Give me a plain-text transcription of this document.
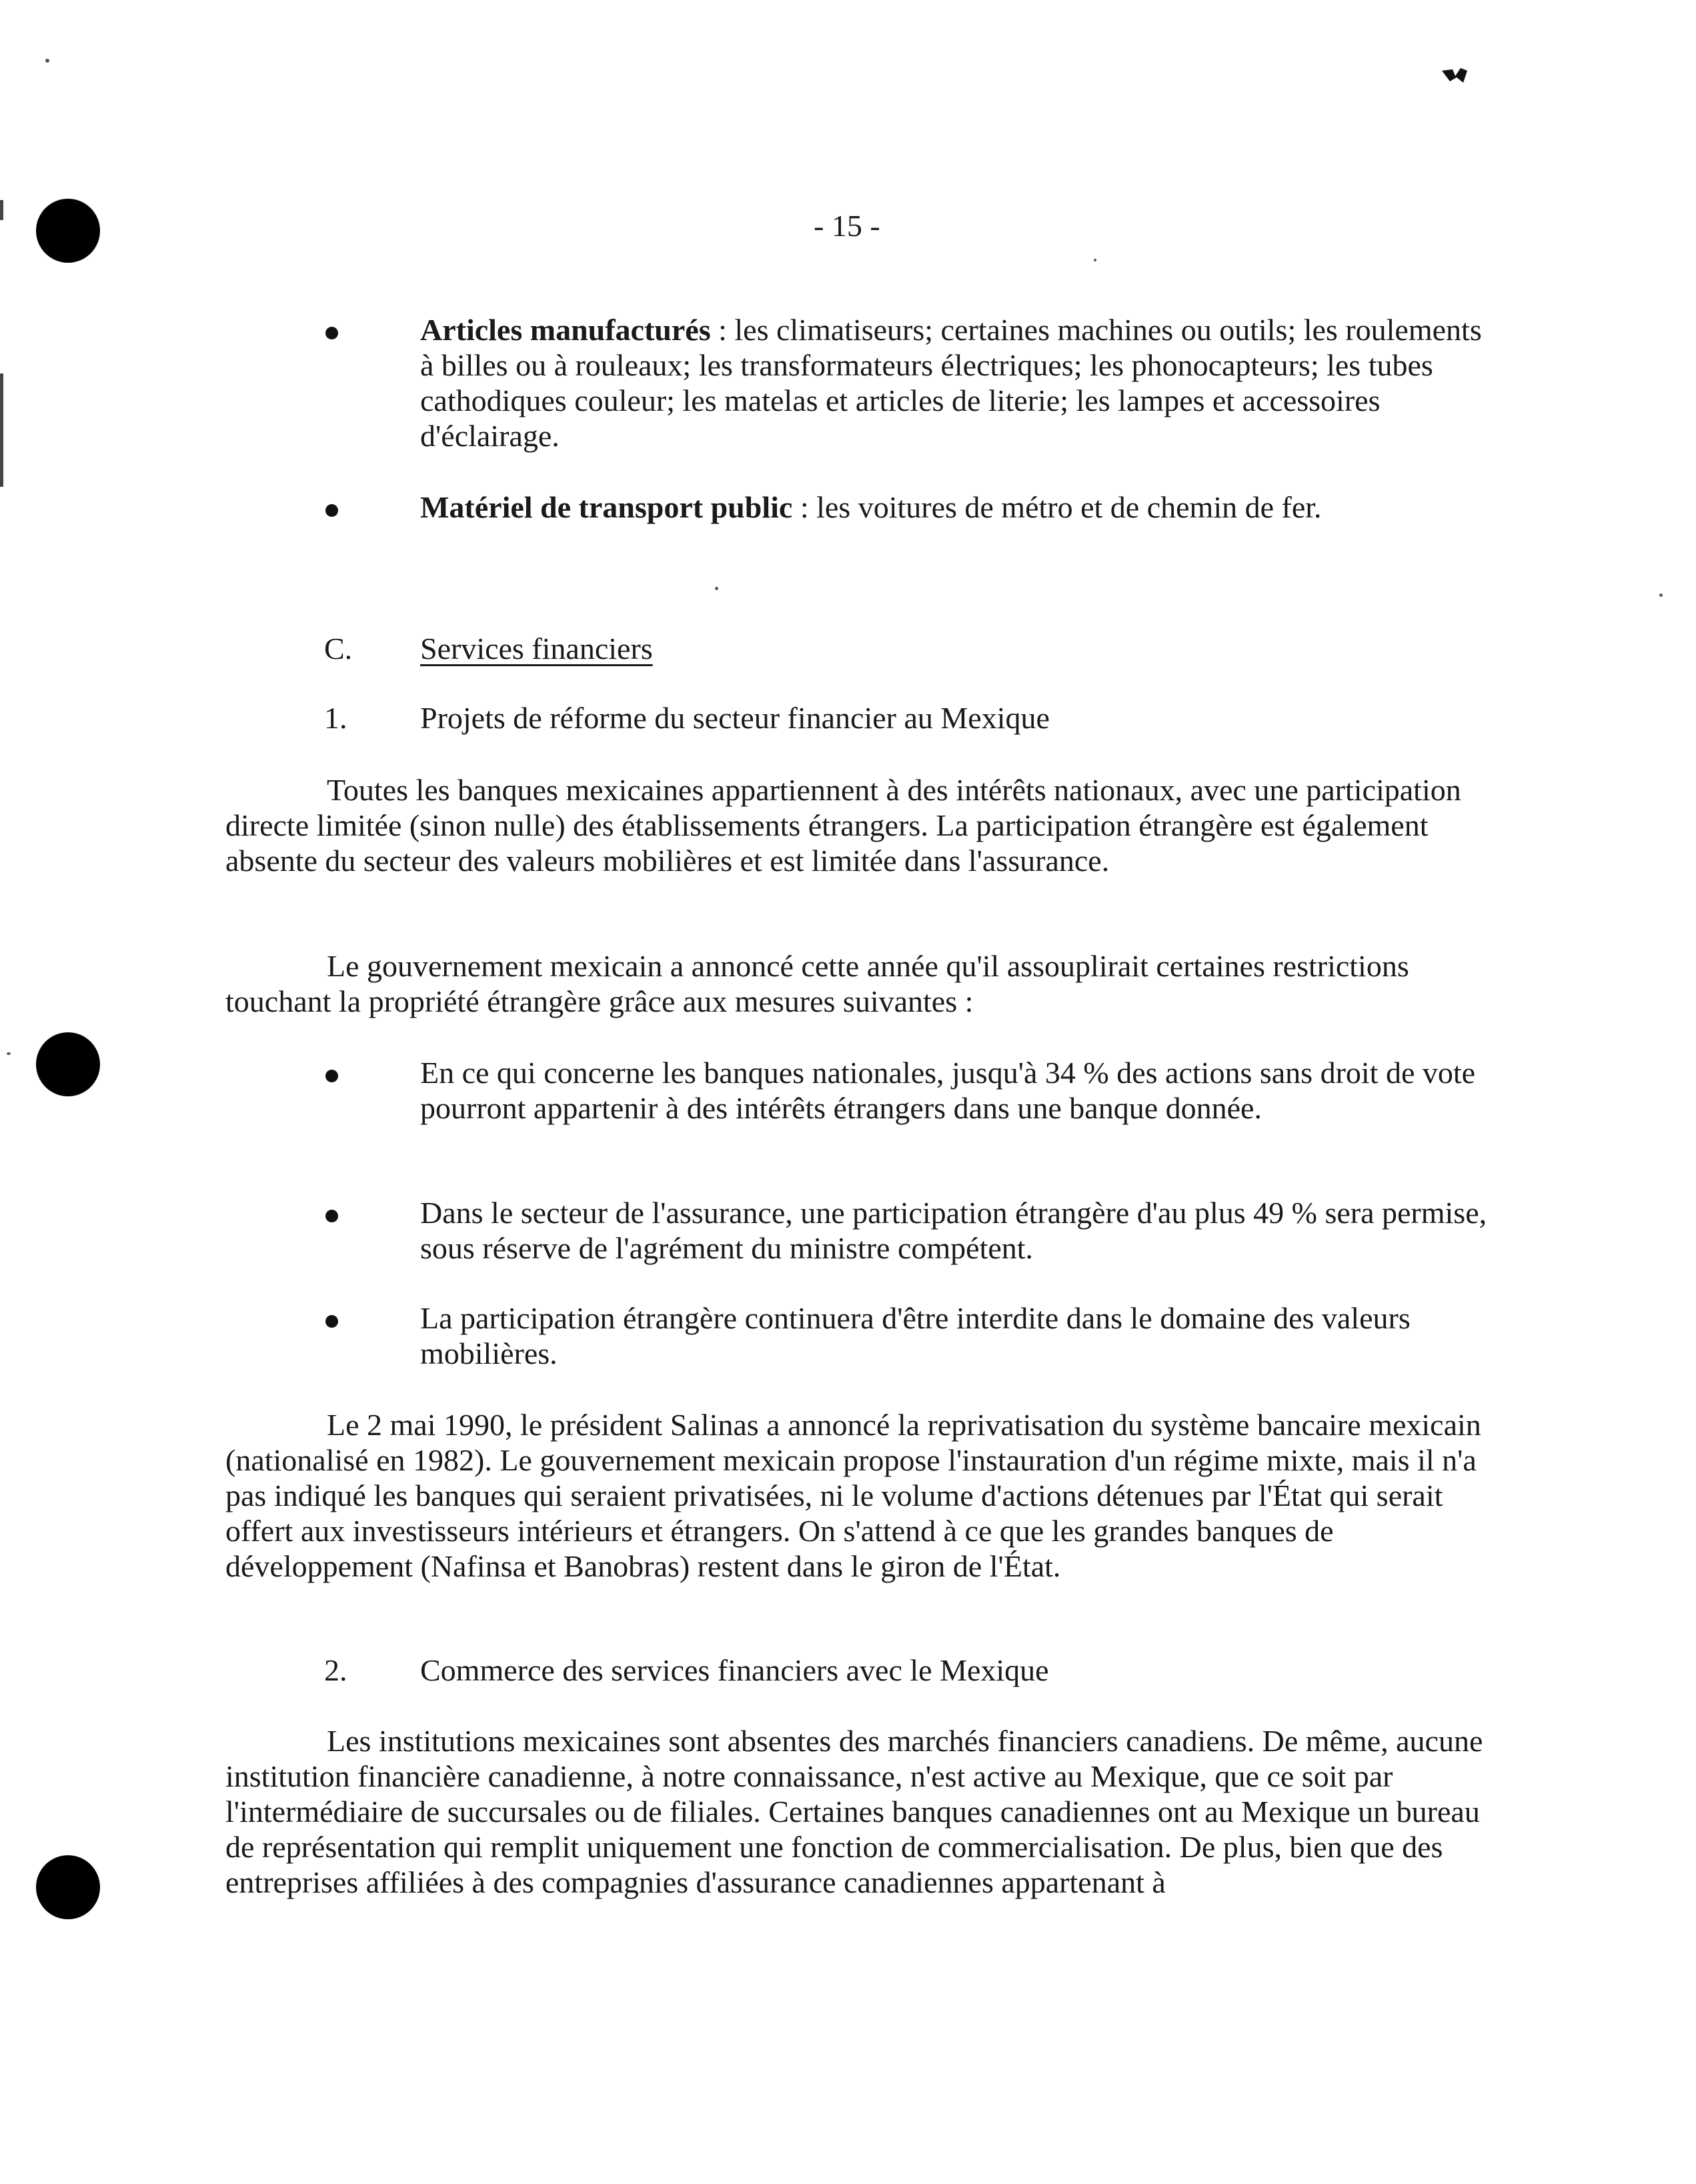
- 15 -
Articles manufacturés : les climatiseurs; certaines machines ou outils; les roulements à billes ou à rouleaux; les transformateurs électriques; les phonocapteurs; les tubes cathodiques couleur; les matelas et articles de literie; les lampes et accessoires d'éclairage.
Matériel de transport public : les voitures de métro et de chemin de fer.
C. Services financiers
1. Projets de réforme du secteur financier au Mexique
Toutes les banques mexicaines appartiennent à des intérêts nationaux, avec une participation directe limitée (sinon nulle) des établissements étrangers. La participation étrangère est également absente du secteur des valeurs mobilières et est limitée dans l'assurance.
Le gouvernement mexicain a annoncé cette année qu'il assouplirait certaines restrictions touchant la propriété étrangère grâce aux mesures suivantes :
En ce qui concerne les banques nationales, jusqu'à 34 % des actions sans droit de vote pourront appartenir à des intérêts étrangers dans une banque donnée.
Dans le secteur de l'assurance, une participation étrangère d'au plus 49 % sera permise, sous réserve de l'agrément du ministre compétent.
La participation étrangère continuera d'être interdite dans le domaine des valeurs mobilières.
Le 2 mai 1990, le président Salinas a annoncé la reprivatisation du système bancaire mexicain (nationalisé en 1982). Le gouvernement mexicain propose l'instauration d'un régime mixte, mais il n'a pas indiqué les banques qui seraient privatisées, ni le volume d'actions détenues par l'État qui serait offert aux investisseurs intérieurs et étrangers. On s'attend à ce que les grandes banques de développement (Nafinsa et Banobras) restent dans le giron de l'État.
2. Commerce des services financiers avec le Mexique
Les institutions mexicaines sont absentes des marchés financiers canadiens. De même, aucune institution financière canadienne, à notre connaissance, n'est active au Mexique, que ce soit par l'intermédiaire de succursales ou de filiales. Certaines banques canadiennes ont au Mexique un bureau de représentation qui remplit uniquement une fonction de commercialisation. De plus, bien que des entreprises affiliées à des compagnies d'assurance canadiennes appartenant à
